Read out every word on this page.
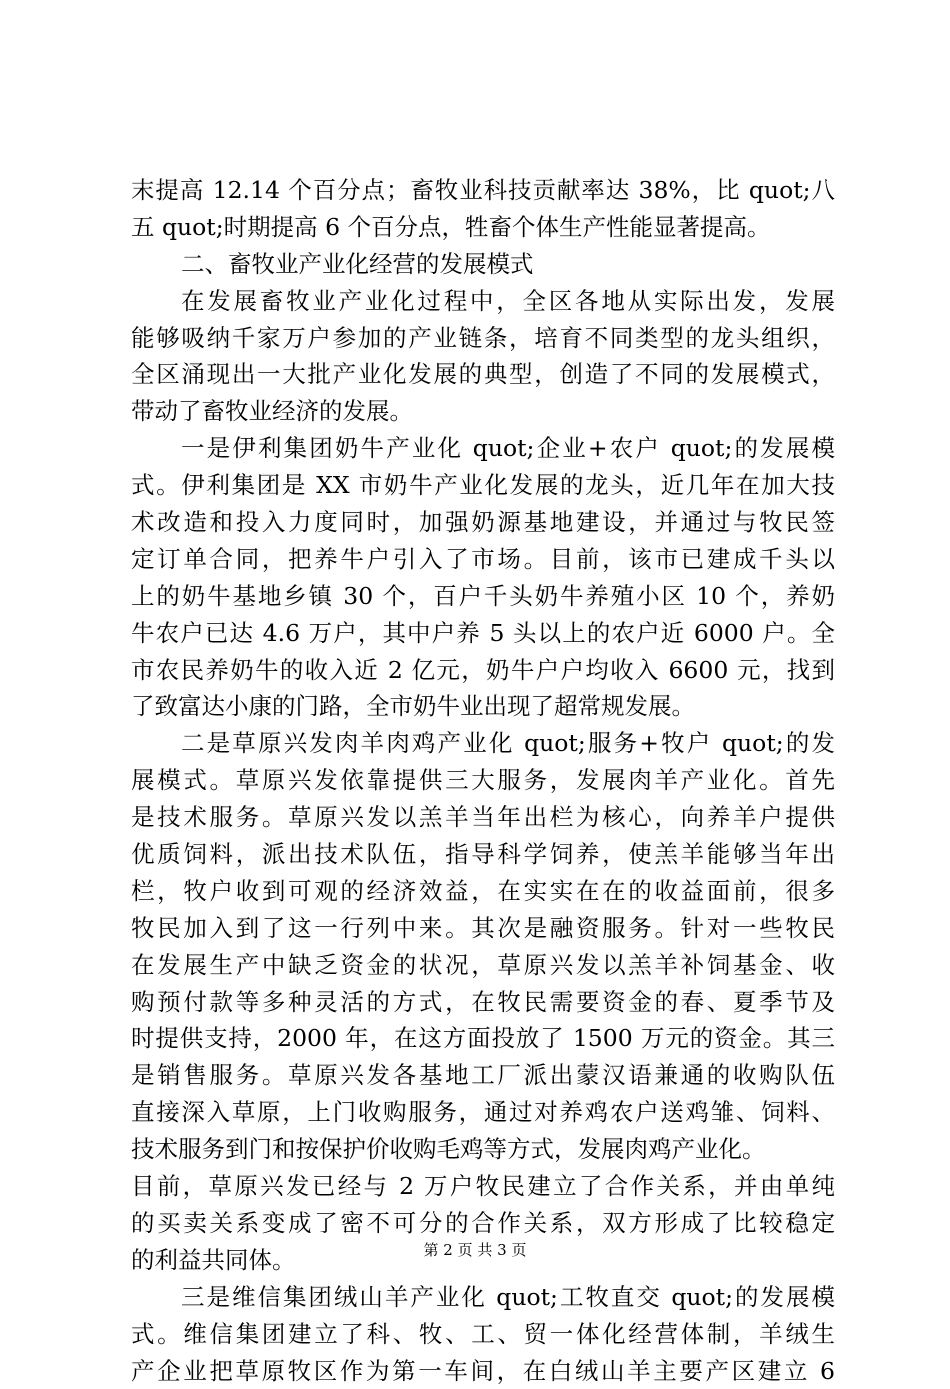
末提高 12.14 个百分点；畜牧业科技贡献率达 38%，比 quot;八
五 quot;时期提高 6 个百分点，牲畜个体生产性能显著提高。
二、畜牧业产业化经营的发展模式
在发展畜牧业产业化过程中，全区各地从实际出发，发展
能够吸纳千家万户参加的产业链条，培育不同类型的龙头组织，
全区涌现出一大批产业化发展的典型，创造了不同的发展模式，
带动了畜牧业经济的发展。
一是伊利集团奶牛产业化 quot;企业+农户 quot;的发展模
式。伊利集团是 XX 市奶牛产业化发展的龙头，近几年在加大技
术改造和投入力度同时，加强奶源基地建设，并通过与牧民签
定订单合同，把养牛户引入了市场。目前，该市已建成千头以
上的奶牛基地乡镇 30 个，百户千头奶牛养殖小区 10 个，养奶
牛农户已达 4.6 万户，其中户养 5 头以上的农户近 6000 户。全
市农民养奶牛的收入近 2 亿元，奶牛户户均收入 6600 元，找到
了致富达小康的门路，全市奶牛业出现了超常规发展。
二是草原兴发肉羊肉鸡产业化 quot;服务+牧户 quot;的发
展模式。草原兴发依靠提供三大服务，发展肉羊产业化。首先
是技术服务。草原兴发以羔羊当年出栏为核心，向养羊户提供
优质饲料，派出技术队伍，指导科学饲养，使羔羊能够当年出
栏，牧户收到可观的经济效益，在实实在在的收益面前，很多
牧民加入到了这一行列中来。其次是融资服务。针对一些牧民
在发展生产中缺乏资金的状况，草原兴发以羔羊补饲基金、收
购预付款等多种灵活的方式，在牧民需要资金的春、夏季节及
时提供支持，2000 年，在这方面投放了 1500 万元的资金。其三
是销售服务。草原兴发各基地工厂派出蒙汉语兼通的收购队伍
直接深入草原，上门收购服务，通过对养鸡农户送鸡雏、饲料、
技术服务到门和按保护价收购毛鸡等方式，发展肉鸡产业化。
目前，草原兴发已经与 2 万户牧民建立了合作关系，并由单纯
的买卖关系变成了密不可分的合作关系，双方形成了比较稳定
的利益共同体。
三是维信集团绒山羊产业化 quot;工牧直交 quot;的发展模
式。维信集团建立了科、牧、工、贸一体化经营体制，羊绒生
产企业把草原牧区作为第一车间，在白绒山羊主要产区建立 6
第 2 页 共 3 页
